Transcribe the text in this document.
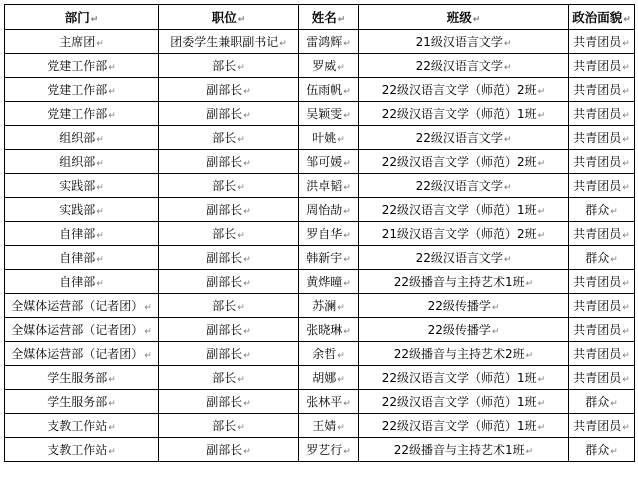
部门↵	职位↵	姓名↵	班级↵	政治面貌↵
主席团↵	团委学生兼职副书记↵	雷鸿辉↵	21级汉语言文学↵	共青团员↵
党建工作部↵	部长↵	罗威↵	22级汉语言文学↵	共青团员↵
党建工作部↵	副部长↵	伍雨帆↵	22级汉语言文学（师范）2班↵	共青团员↵
党建工作部↵	副部长↵	吴颖雯↵	22级汉语言文学（师范）1班↵	共青团员↵
组织部↵	部长↵	叶姚↵	22级汉语言文学↵	共青团员↵
组织部↵	副部长↵	邹可媛↵	22级汉语言文学（师范）2班↵	共青团员↵
实践部↵	部长↵	洪卓韬↵	22级汉语言文学↵	共青团员↵
实践部↵	副部长↵	周怡劼↵	22级汉语言文学（师范）1班↵	群众↵
自律部↵	部长↵	罗自华↵	21级汉语言文学（师范）2班↵	共青团员↵
自律部↵	副部长↵	韩新宇↵	22级汉语言文学↵	群众↵
自律部↵	副部长↵	黄烨曈↵	22级播音与主持艺术1班↵	共青团员↵
全媒体运营部（记者团）↵	部长↵	苏澜↵	22级传播学↵	共青团员↵
全媒体运营部（记者团）↵	副部长↵	张晓琳↵	22级传播学↵	共青团员↵
全媒体运营部（记者团）↵	副部长↵	余哲↵	22级播音与主持艺术2班↵	共青团员↵
学生服务部↵	部长↵	胡娜↵	22级汉语言文学（师范）1班↵	共青团员↵
学生服务部↵	副部长↵	张林平↵	22级汉语言文学（师范）1班↵	群众↵
支教工作站↵	部长↵	王婧↵	22级汉语言文学（师范）1班↵	共青团员↵
支教工作站↵	副部长↵	罗艺行↵	22级播音与主持艺术1班↵	群众↵
